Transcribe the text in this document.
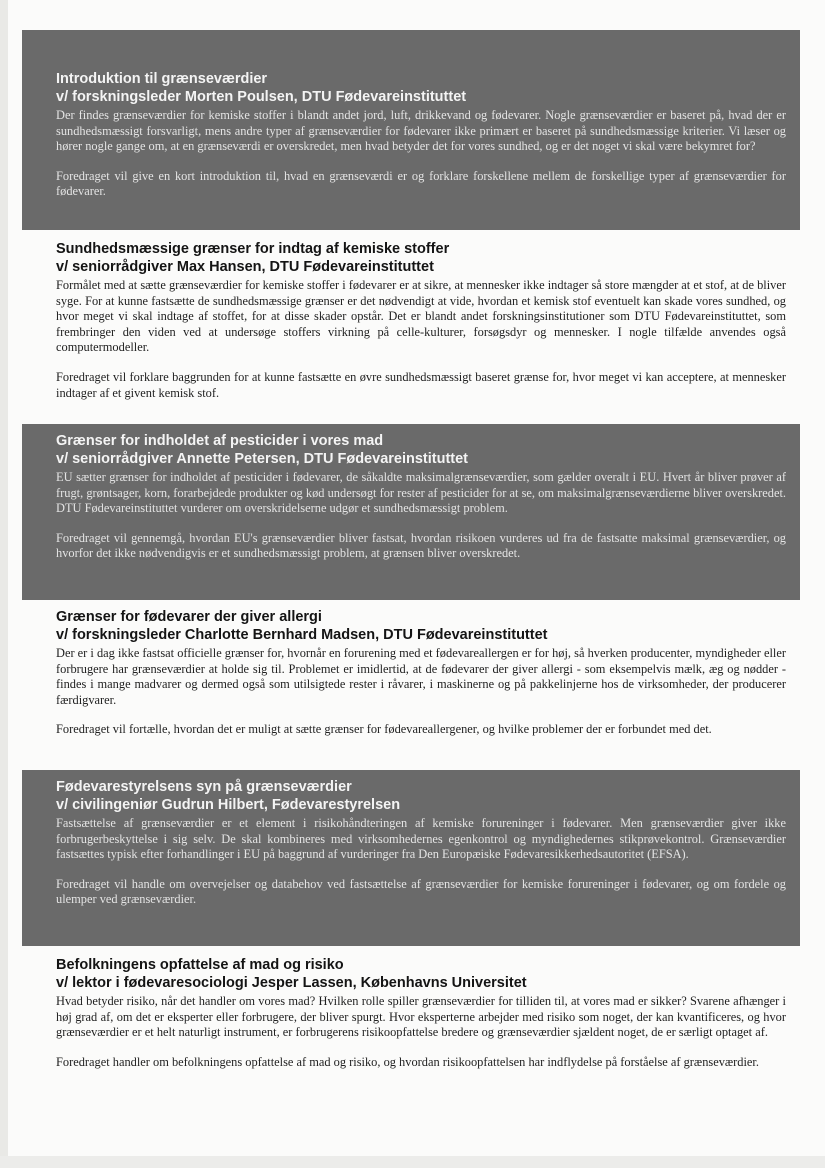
Introduktion til grænseværdier
v/ forskningsleder Morten Poulsen, DTU Fødevareinstituttet

Der findes grænseværdier for kemiske stoffer i blandt andet jord, luft, drikkevand og fødevarer. Nogle grænseværdier er baseret på, hvad der er sundhedsmæssigt forsvarligt, mens andre typer af grænseværdier for fødevarer ikke primært er baseret på sundhedsmæssige kriterier. Vi læser og hører nogle gange om, at en grænseværdi er overskredet, men hvad betyder det for vores sundhed, og er det noget vi skal være bekymret for?

Foredraget vil give en kort introduktion til, hvad en grænseværdi er og forklare forskellene mellem de forskellige typer af grænseværdier for fødevarer.

Sundhedsmæssige grænser for indtag af kemiske stoffer
v/ seniorrådgiver Max Hansen, DTU Fødevareinstituttet

Formålet med at sætte grænseværdier for kemiske stoffer i fødevarer er at sikre, at mennesker ikke indtager så store mængder at et stof, at de bliver syge. For at kunne fastsætte de sundhedsmæssige grænser er det nødvendigt at vide, hvordan et kemisk stof eventuelt kan skade vores sundhed, og hvor meget vi skal indtage af stoffet, for at disse skader opstår. Det er blandt andet forskningsinstitutioner som DTU Fødevareinstituttet, som frembringer den viden ved at undersøge stoffers virkning på celle-kulturer, forsøgsdyr og mennesker. I nogle tilfælde anvendes også computermodeller.

Foredraget vil forklare baggrunden for at kunne fastsætte en øvre sundhedsmæssigt baseret grænse for, hvor meget vi kan acceptere, at mennesker indtager af et givent kemisk stof.

Grænser for indholdet af pesticider i vores mad
v/ seniorrådgiver Annette Petersen, DTU Fødevareinstituttet

EU sætter grænser for indholdet af pesticider i fødevarer, de såkaldte maksimalgrænseværdier, som gælder overalt i EU. Hvert år bliver prøver af frugt, grøntsager, korn, forarbejdede produkter og kød undersøgt for rester af pesticider for at se, om maksimalgrænseværdierne bliver overskredet. DTU Fødevareinstituttet vurderer om overskridelserne udgør et sundhedsmæssigt problem.

Foredraget vil gennemgå, hvordan EU's grænseværdier bliver fastsat, hvordan risikoen vurderes ud fra de fastsatte maksimal grænseværdier, og hvorfor det ikke nødvendigvis er et sundhedsmæssigt problem, at grænsen bliver overskredet.

Grænser for fødevarer der giver allergi
v/ forskningsleder Charlotte Bernhard Madsen, DTU Fødevareinstituttet

Der er i dag ikke fastsat officielle grænser for, hvornår en forurening med et fødevareallergen er for høj, så hverken producenter, myndigheder eller forbrugere har grænseværdier at holde sig til. Problemet er imidlertid, at de fødevarer der giver allergi - som eksempelvis mælk, æg og nødder - findes i mange madvarer og dermed også som utilsigtede rester i råvarer, i maskinerne og på pakkelinjerne hos de virksomheder, der producerer færdigvarer.

Foredraget vil fortælle, hvordan det er muligt at sætte grænser for fødevareallergener, og hvilke problemer der er forbundet med det.

Fødevarestyrelsens syn på grænseværdier
v/ civilingeniør Gudrun Hilbert, Fødevarestyrelsen

Fastsættelse af grænseværdier er et element i risikohåndteringen af kemiske forureninger i fødevarer. Men grænseværdier giver ikke forbrugerbeskyttelse i sig selv. De skal kombineres med virksomhedernes egenkontrol og myndighedernes stikprøvekontrol. Grænseværdier fastsættes typisk efter forhandlinger i EU på baggrund af vurderinger fra Den Europæiske Fødevaresikkerhedsautoritet (EFSA).

Foredraget vil handle om overvejelser og databehov ved fastsættelse af grænseværdier for kemiske forureninger i fødevarer, og om fordele og ulemper ved grænseværdier.

Befolkningens opfattelse af mad og risiko
v/ lektor i fødevaresociologi Jesper Lassen, Københavns Universitet

Hvad betyder risiko, når det handler om vores mad? Hvilken rolle spiller grænseværdier for tilliden til, at vores mad er sikker? Svarene afhænger i høj grad af, om det er eksperter eller forbrugere, der bliver spurgt. Hvor eksperterne arbejder med risiko som noget, der kan kvantificeres, og hvor grænseværdier er et helt naturligt instrument, er forbrugerens risikoopfattelse bredere og grænseværdier sjældent noget, de er særligt optaget af.

Foredraget handler om befolkningens opfattelse af mad og risiko, og hvordan risikoopfattelsen har indflydelse på forståelse af grænseværdier.
